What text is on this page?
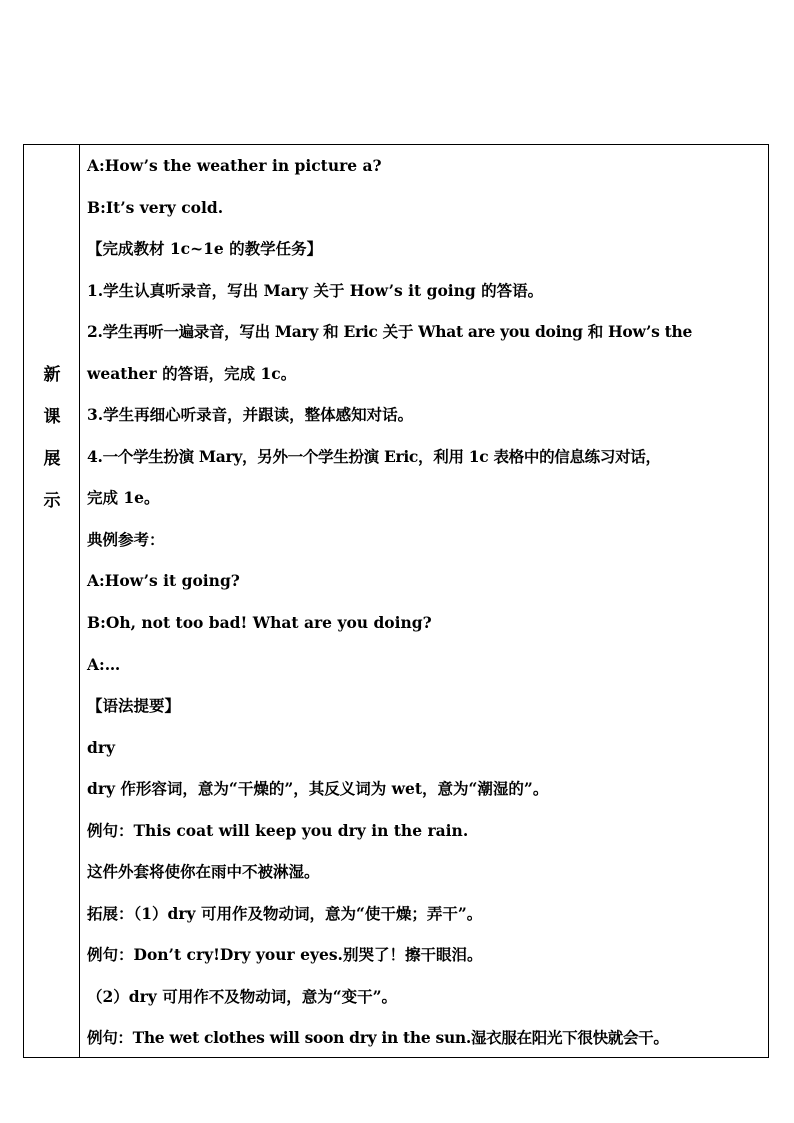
新
课
展
示
A:How’s the weather in picture a?
B:It’s very cold.
【完成教材 1c~1e 的教学任务】
1.学生认真听录音，写出 Mary 关于 How’s it going 的答语。
2.学生再听一遍录音，写出 Mary 和 Eric 关于 What are you doing 和 How’s the
weather 的答语，完成 1c。
3.学生再细心听录音，并跟读，整体感知对话。
4.一个学生扮演 Mary，另外一个学生扮演 Eric，利用 1c 表格中的信息练习对话，
完成 1e。
典例参考：
A:How’s it going?
B:Oh, not too bad! What are you doing?
A:…
【语法提要】
dry
dry 作形容词，意为“干燥的”，其反义词为 wet，意为“潮湿的”。
例句：This coat will keep you dry in the rain.
这件外套将使你在雨中不被淋湿。
拓展：（1）dry 可用作及物动词，意为“使干燥；弄干”。
例句：Don’t cry!Dry your eyes.别哭了！擦干眼泪。
（2）dry 可用作不及物动词，意为“变干”。
例句：The wet clothes will soon dry in the sun.湿衣服在阳光下很快就会干。
